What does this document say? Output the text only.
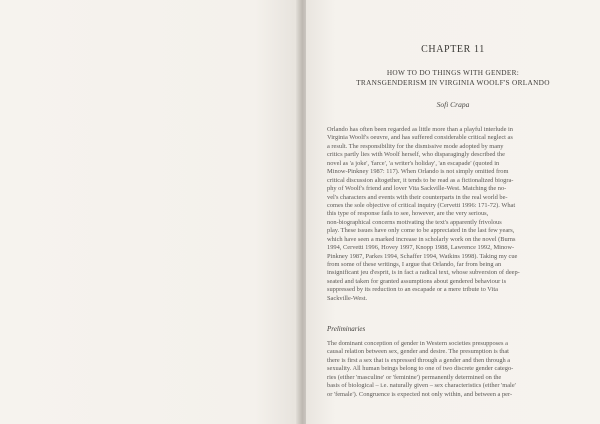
CHAPTER 11
HOW TO DO THINGS WITH GENDER:
TRANSGENDERISM IN VIRGINIA WOOLF'S ORLANDO
Sofi Crapa
Orlando has often been regarded as little more than a playful interlude in
Virginia Woolf's oeuvre, and has suffered considerable critical neglect as
a result. The responsibility for the dismissive mode adopted by many
critics partly lies with Woolf herself, who disparagingly described the
novel as 'a joke', 'farce', 'a writer's holiday', 'an escapade' (quoted in
Minow-Pinkney 1987: 117). When Orlando is not simply omitted from
critical discussion altogether, it tends to be read as a fictionalized biogra-
phy of Woolf's friend and lover Vita Sackville-West. Matching the no-
vel's characters and events with their counterparts in the real world be-
comes the sole objective of critical inquiry (Cervetti 1996: 171-72). What
this type of response fails to see, however, are the very serious,
non-biographical concerns motivating the text's apparently frivolous
play. These issues have only come to be appreciated in the last few years,
which have seen a marked increase in scholarly work on the novel (Burns
1994, Cervetti 1996, Hovey 1997, Knopp 1988, Lawrence 1992, Minow-
Pinkney 1987, Parkes 1994, Schaffer 1994, Watkins 1998). Taking my cue
from some of these writings, I argue that Orlando, far from being an
insignificant jeu d'esprit, is in fact a radical text, whose subversion of deep-
seated and taken for granted assumptions about gendered behaviour is
suppressed by its reduction to an escapade or a mere tribute to Vita
Sackville-West.
Preliminaries
The dominant conception of gender in Western societies presupposes a
causal relation between sex, gender and desire. The presumption is that
there is first a sex that is expressed through a gender and then through a
sexuality. All human beings belong to one of two discrete gender catego-
ries (either 'masculine' or 'feminine') permanently determined on the
basis of biological – i.e. naturally given – sex characteristics (either 'male'
or 'female'). Congruence is expected not only within, and between a per-
